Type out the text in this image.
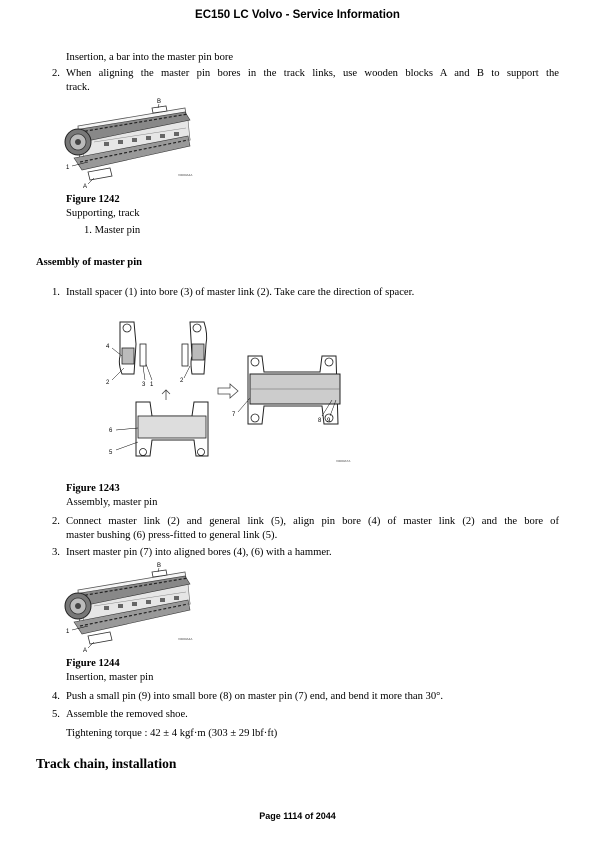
EC150 LC Volvo - Service Information
Insertion, a bar into the master pin bore
2. When aligning the master pin bores in the track links, use wooden blocks A and B to support the
track.
B
1
A
V0000A4A
Figure 1242
Supporting, track
1. Master pin
Assembly of master pin
1. Install spacer (1) into bore (3) of master link (2). Take care the direction of spacer.
4
2	3 1
2
7
8 9
6
5
V0000A7A
Figure 1243
Assembly, master pin
2. Connect master link (2) and general link (5), align pin bore (4) of master link (2) and the bore of
master bushing (6) press-fitted to general link (5).
3. Insert master pin (7) into aligned bores (4), (6) with a hammer.
B
1
A
V0000A4A
Figure 1244
Insertion, master pin
4. Push a small pin (9) into small bore (8) on master pin (7) end, and bend it more than 30°.
5. Assemble the removed shoe.
Tightening torque : 42 ± 4 kgf·m (303 ± 29 lbf·ft)
Track chain, installation
Page 1114 of 2044
